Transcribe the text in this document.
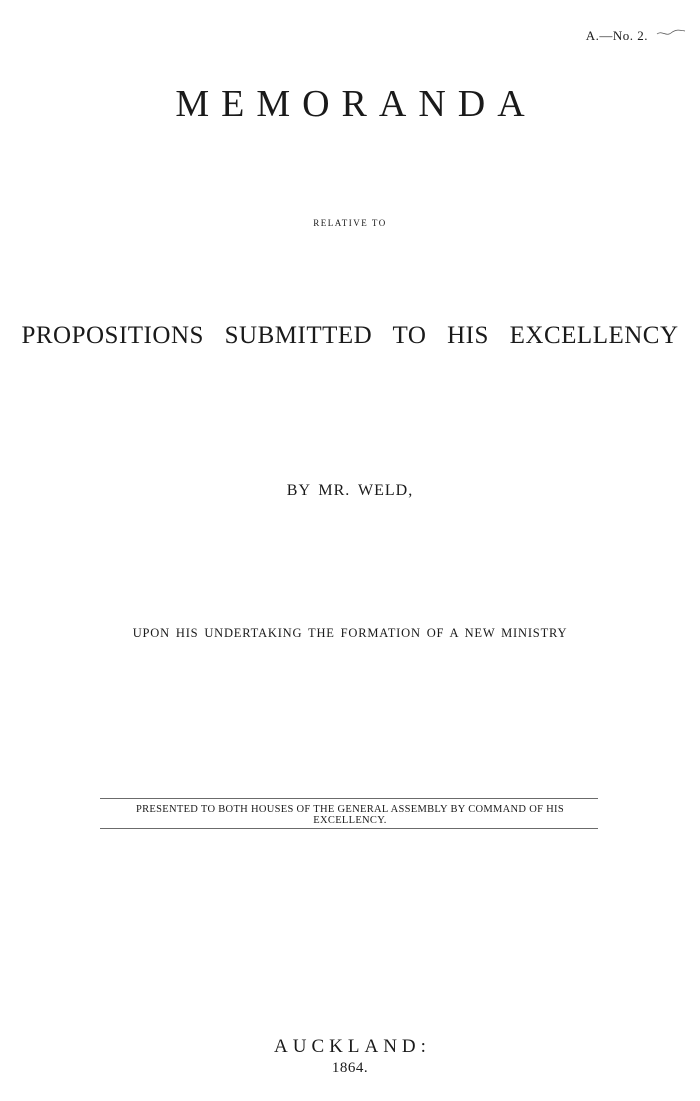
A.—No. 2.
MEMORANDA
RELATIVE TO
PROPOSITIONS SUBMITTED TO HIS EXCELLENCY
BY MR. WELD,
UPON HIS UNDERTAKING THE FORMATION OF A NEW MINISTRY
PRESENTED TO BOTH HOUSES OF THE GENERAL ASSEMBLY BY COMMAND OF HIS
EXCELLENCY.
AUCKLAND:
1864.
